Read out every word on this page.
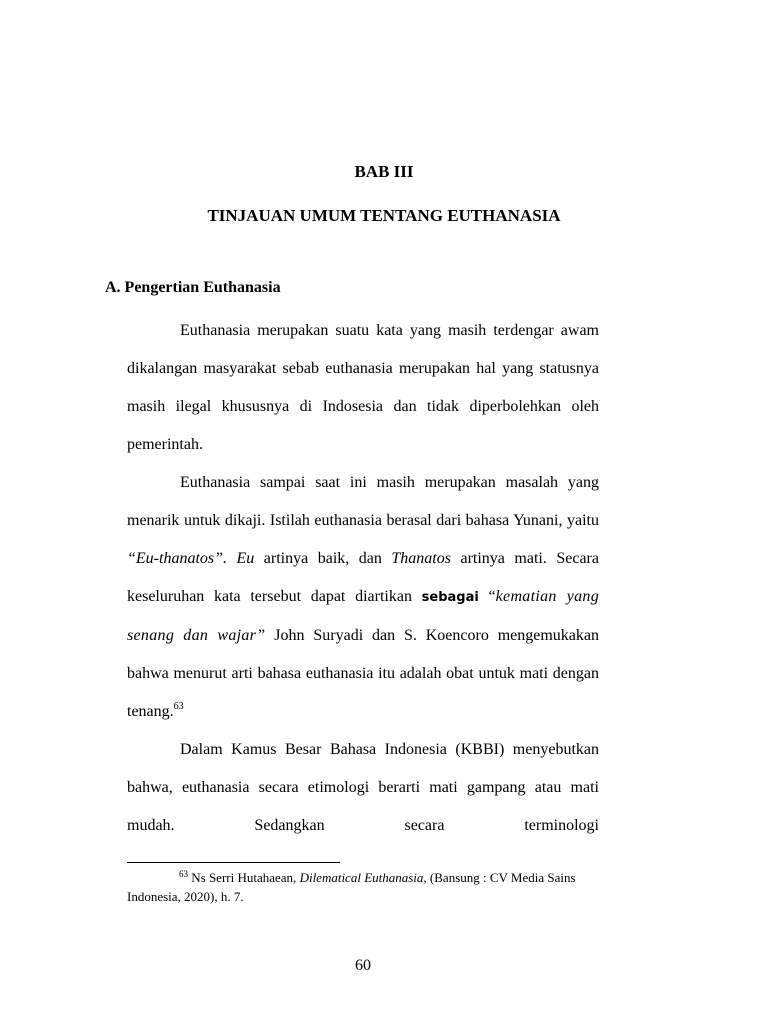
BAB III
TINJAUAN UMUM TENTANG EUTHANASIA
A. Pengertian Euthanasia

Euthanasia merupakan suatu kata yang masih terdengar awam dikalangan masyarakat sebab euthanasia merupakan hal yang statusnya masih ilegal khususnya di Indosesia dan tidak diperbolehkan oleh pemerintah.

Euthanasia sampai saat ini masih merupakan masalah yang menarik untuk dikaji. Istilah euthanasia berasal dari bahasa Yunani, yaitu “Eu-thanatos”. Eu artinya baik, dan Thanatos artinya mati. Secara keseluruhan kata tersebut dapat diartikan sebagai “kematian yang senang dan wajar” John Suryadi dan S. Koencoro mengemukakan bahwa menurut arti bahasa euthanasia itu adalah obat untuk mati dengan tenang.$^{63}$

Dalam Kamus Besar Bahasa Indonesia (KBBI) menyebutkan bahwa, euthanasia secara etimologi berarti mati gampang atau mati mudah. Sedangkan secara terminologi

$^{63}$ Ns Serri Hutahaean, Dilematical Euthanasia, (Bansung : CV Media Sains Indonesia, 2020), h. 7.

60
